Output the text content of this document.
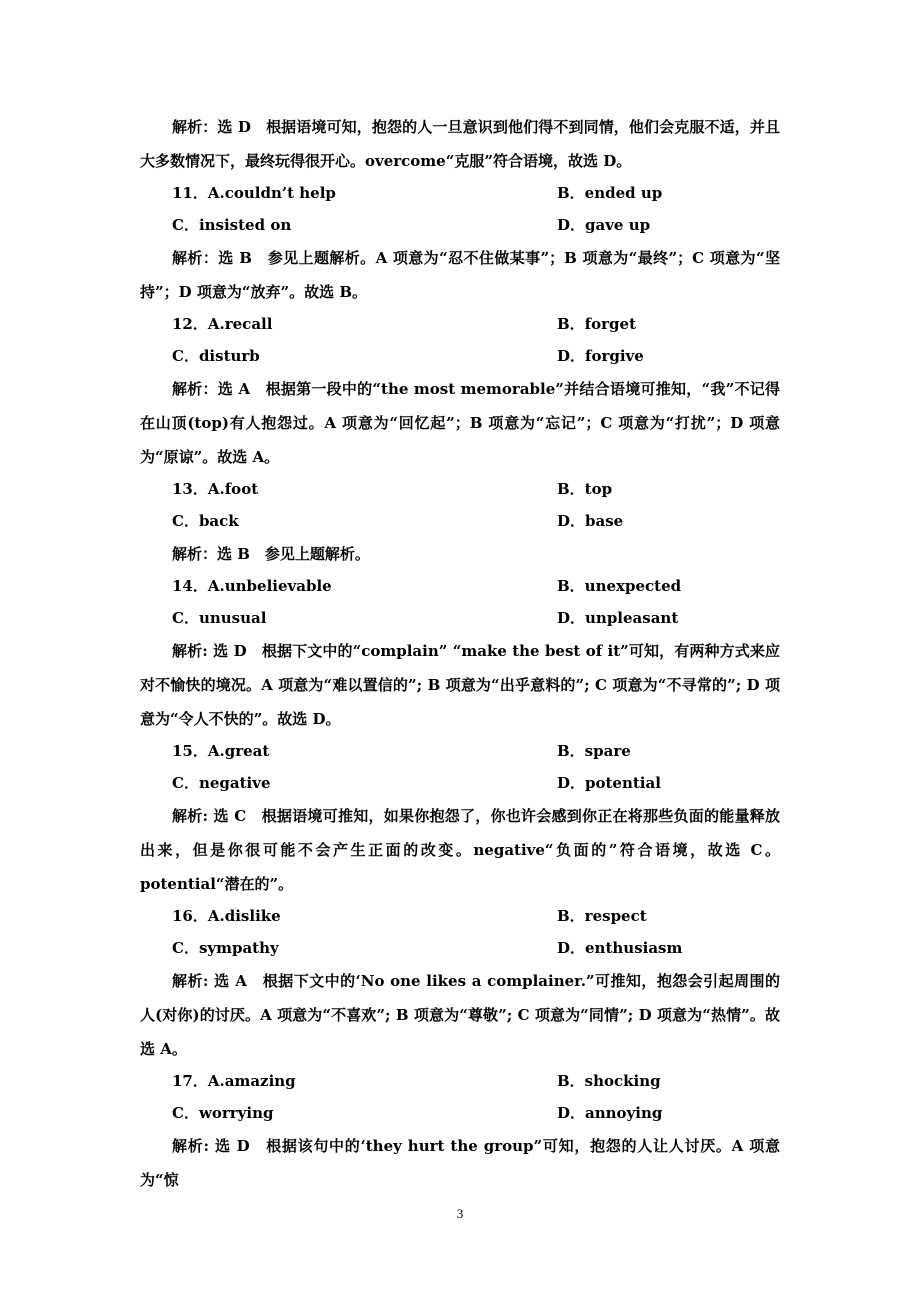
解析：选 D　根据语境可知，抱怨的人一旦意识到他们得不到同情，他们会克服不适，并且大多数情况下，最终玩得很开心。overcome“克服”符合语境，故选 D。

11．A.couldn’t help	B．ended up
C．insisted on	D．gave up

解析：选 B　参见上题解析。A 项意为“忍不住做某事”；B 项意为“最终”；C 项意为“坚持”；D 项意为“放弃”。故选 B。

12．A.recall	B．forget
C．disturb	D．forgive

解析：选 A　根据第一段中的“the most memorable”并结合语境可推知，“我”不记得在山顶(top)有人抱怨过。A 项意为“回忆起”；B 项意为“忘记”；C 项意为“打扰”；D 项意为“原谅”。故选 A。

13．A.foot	B．top
C．back	D．base

解析：选 B　参见上题解析。

14．A.unbelievable	B．unexpected
C．unusual	D．unpleasant

解析: 选 D　根据下文中的“complain” “make the best of it”可知，有两种方式来应对不愉快的境况。A 项意为“难以置信的”; B 项意为“出乎意料的”; C 项意为“不寻常的”; D 项意为“令人不快的”。故选 D。

15．A.great	B．spare
C．negative	D．potential

解析: 选 C　根据语境可推知，如果你抱怨了，你也许会感到你正在将那些负面的能量释放出来，但是你很可能不会产生正面的改变。negative“负面的”符合语境，故选 C。potential“潜在的”。

16．A.dislike	B．respect
C．sympathy	D．enthusiasm

解析: 选 A　根据下文中的‘No one likes a complainer.”可推知，抱怨会引起周围的人(对你)的讨厌。A 项意为“不喜欢”; B 项意为“尊敬”; C 项意为“同情”; D 项意为“热情”。故选 A。

17．A.amazing	B．shocking
C．worrying	D．annoying

解析: 选 D　根据该句中的‘they hurt the group”可知，抱怨的人让人讨厌。A 项意为“惊

3
